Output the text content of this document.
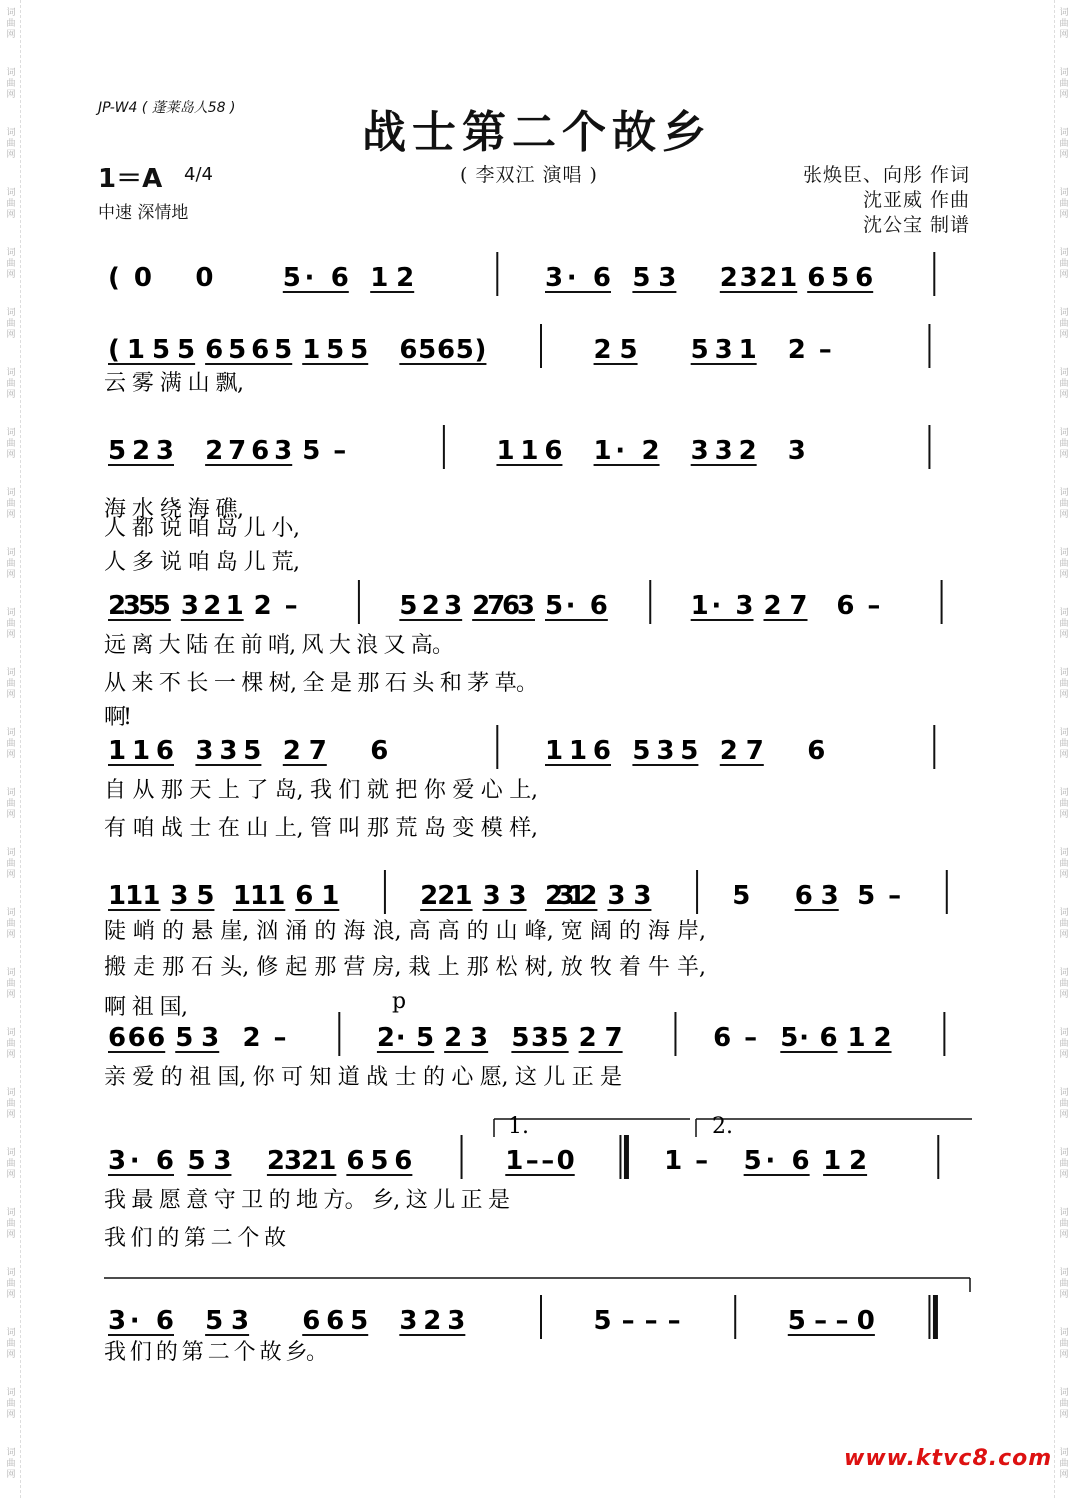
词
曲
网
词
曲
网
词
曲
网
词
曲
网
词
曲
网
词
曲
网
词
曲
网
词
曲
网
词
曲
网
词
曲
网
词
曲
网
词
曲
网
词
曲
网
词
曲
网
词
曲
网
词
曲
网
词
曲
网
词
曲
网
词
曲
网
词
曲
网
词
曲
网
词
曲
网
词
曲
网
词
曲
网
词
曲
网
词
曲
网
词
曲
网
词
曲
网
词
曲
网
词
曲
网
词
曲
网
词
曲
网
词
曲
网
词
曲
网
词
曲
网
词
曲
网
词
曲
网
词
曲
网
词
曲
网
词
曲
网
词
曲
网
词
曲
网
词
曲
网
词
曲
网
词
曲
网
词
曲
网
词
曲
网
词
曲
网
词
曲
网
词
曲
网
JP-W4 ( 蓬莱岛人58 )	战士第二个故乡
1＝A 4/4
中速 深情地
( 李双江 演唱 )	张焕臣、向彤 作词
沈亚威 作曲
沈公宝 制谱
( 0 0	5· 6 1 2	3· 6 5 3 2 3 2 1 6 5 6
( 1 5 5 6 5 6 5 1 5 5 6 5 6 5 )	2 5 5 3 1 2 –
云 雾 满 山 飘,
5 2 3 2 7 6 3 5 –	1 1 6 1· 2 3 3 2 3
海 水 绕 海 礁,
人 都 说 咱 岛 儿 小,
人 多 说 咱 岛 儿 荒,
2 3 5 5 3 2 1 2 –	5 2 3 2 7 6 3 5· 6	1· 3 2 7 6 –
远 离 大 陆 在 前 哨, 风 大 浪 又 高。
从 来 不 长 一 棵 树, 全 是 那 石 头 和 茅 草。
啊!
1 1 6 3 3 5 2 7 6	1 1 6 5 3 5 2 7 6
自 从 那 天 上 了 岛, 我 们 就 把 你 爱 心 上,
有 咱 战 士 在 山 上, 管 叫 那 荒 岛 变 模 样,
1 1 1 3 5 1 1 1 6 1	2 2 1 3 3 2 3 1 2 3 3	5 6 3 5 –
陡 峭 的 悬 崖, 汹 涌 的 海 浪, 高 高 的 山 峰, 宽 阔 的 海 岸,
搬 走 那 石 头, 修 起 那 营 房, 栽 上 那 松 树, 放 牧 着 牛 羊,
啊 祖 国,
6 6 6 5 3 2 –	2· 5 2 3 5 3 5 2 7	6 – 5· 6 1 2
亲 爱 的 祖 国, 你 可 知 道 战 士 的 心 愿, 这 儿 正 是
p
3· 6 5 3 2 3 2 1 6 5 6	1 – – 0	1 – 5· 6 1 2
我 最 愿 意 守 卫 的 地 方。 乡, 这 儿 正 是
我 们 的 第 二 个 故
1.	2.
3· 6 5 3 6 6 5 3 2 3	5 – – –	5 – – 0
我 们 的 第 二 个 故 乡。
www.ktvc8.com
